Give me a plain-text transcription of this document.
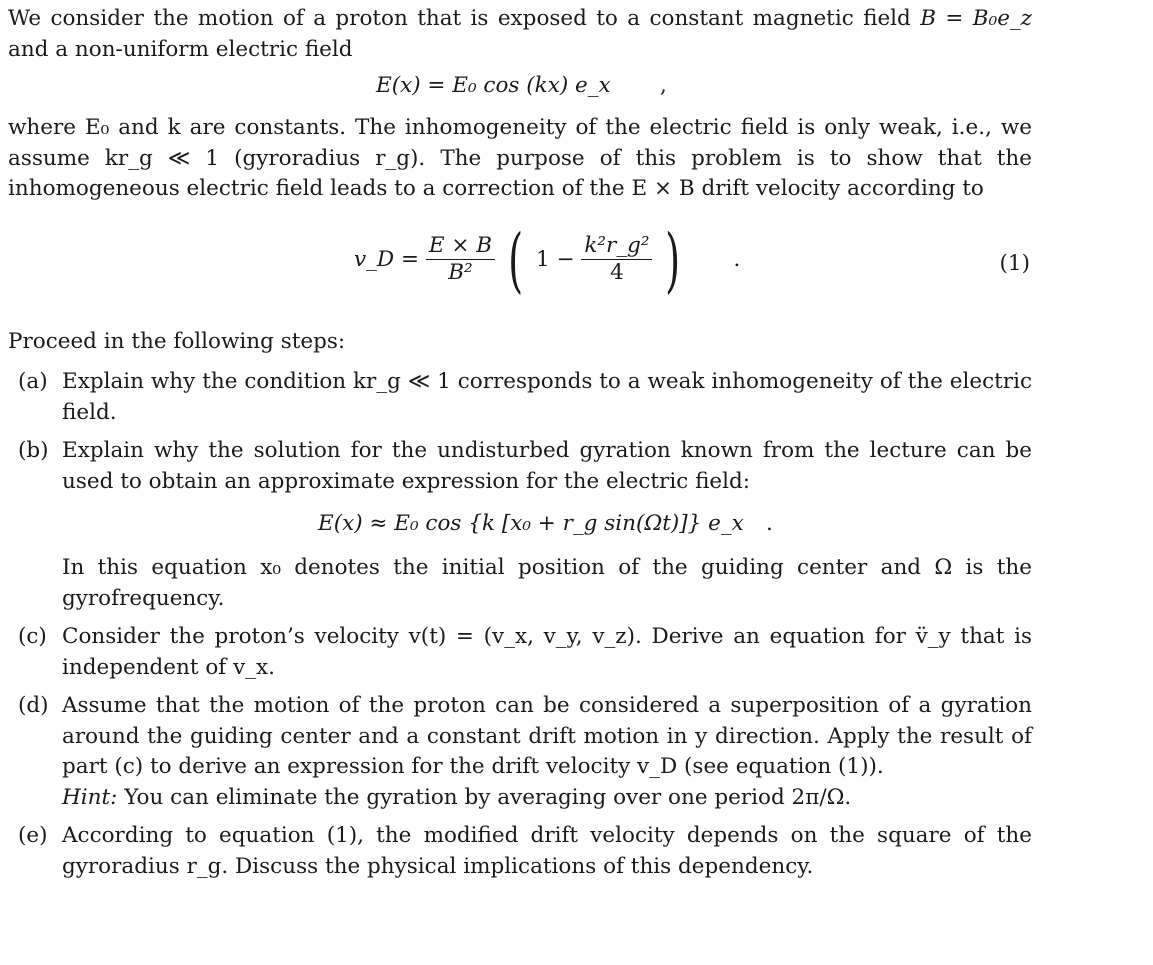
We consider the motion of a proton that is exposed to a constant magnetic field B = B₀e_z and a non-uniform electric field

E(x) = E₀ cos (kx) e_x ,

where E₀ and k are constants. The inhomogeneity of the electric field is only weak, i.e., we assume kr_g ≪ 1 (gyroradius r_g). The purpose of this problem is to show that the inhomogeneous electric field leads to a correction of the E × B drift velocity according to

v_D = $\frac{E \times B}{\text{B²}}$ ( $1 - \frac{\text{k²r\_g²}}{4}$ ) .	(1)

Proceed in the following steps:

(a) Explain why the condition kr_g ≪ 1 corresponds to a weak inhomogeneity of the electric field.
(b) Explain why the solution for the undisturbed gyration known from the lecture can be used to obtain an approximate expression for the electric field:
E(x) ≈ E₀ cos {k [x₀ + r_g sin(Ωt)]} e_x .
In this equation x₀ denotes the initial position of the guiding center and Ω is the gyrofrequency.
(c) Consider the proton’s velocity v(t) = (v_x, v_y, v_z). Derive an equation for v̈_y that is independent of v_x.
(d) Assume that the motion of the proton can be considered a superposition of a gyration around the guiding center and a constant drift motion in y direction. Apply the result of part (c) to derive an expression for the drift velocity v_D (see equation (1)).
Hint: You can eliminate the gyration by averaging over one period 2π/Ω.
(e) According to equation (1), the modified drift velocity depends on the square of the gyroradius r_g. Discuss the physical implications of this dependency.
